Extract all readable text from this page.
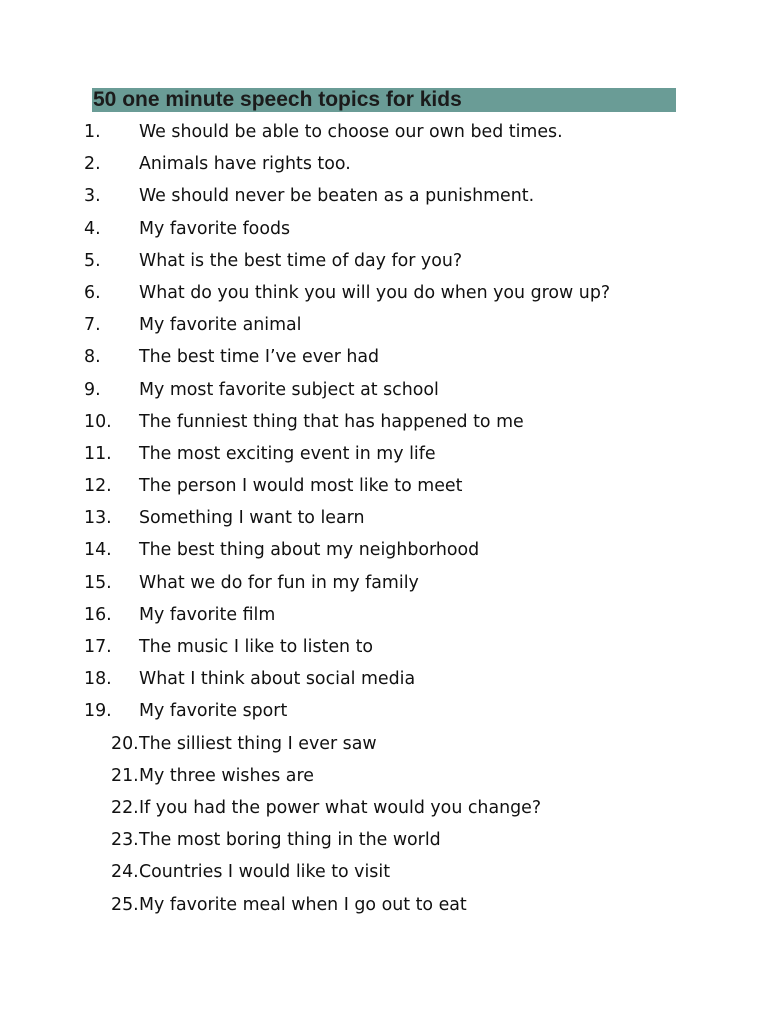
50 one minute speech topics for kids
1. We should be able to choose our own bed times.
2. Animals have rights too.
3. We should never be beaten as a punishment.
4. My favorite foods
5. What is the best time of day for you?
6. What do you think you will you do when you grow up?
7. My favorite animal
8. The best time I’ve ever had
9. My most favorite subject at school
10. The funniest thing that has happened to me
11. The most exciting event in my life
12. The person I would most like to meet
13. Something I want to learn
14. The best thing about my neighborhood
15. What we do for fun in my family
16. My favorite film
17. The music I like to listen to
18. What I think about social media
19. My favorite sport
20. The silliest thing I ever saw
21. My three wishes are
22. If you had the power what would you change?
23. The most boring thing in the world
24. Countries I would like to visit
25. My favorite meal when I go out to eat
